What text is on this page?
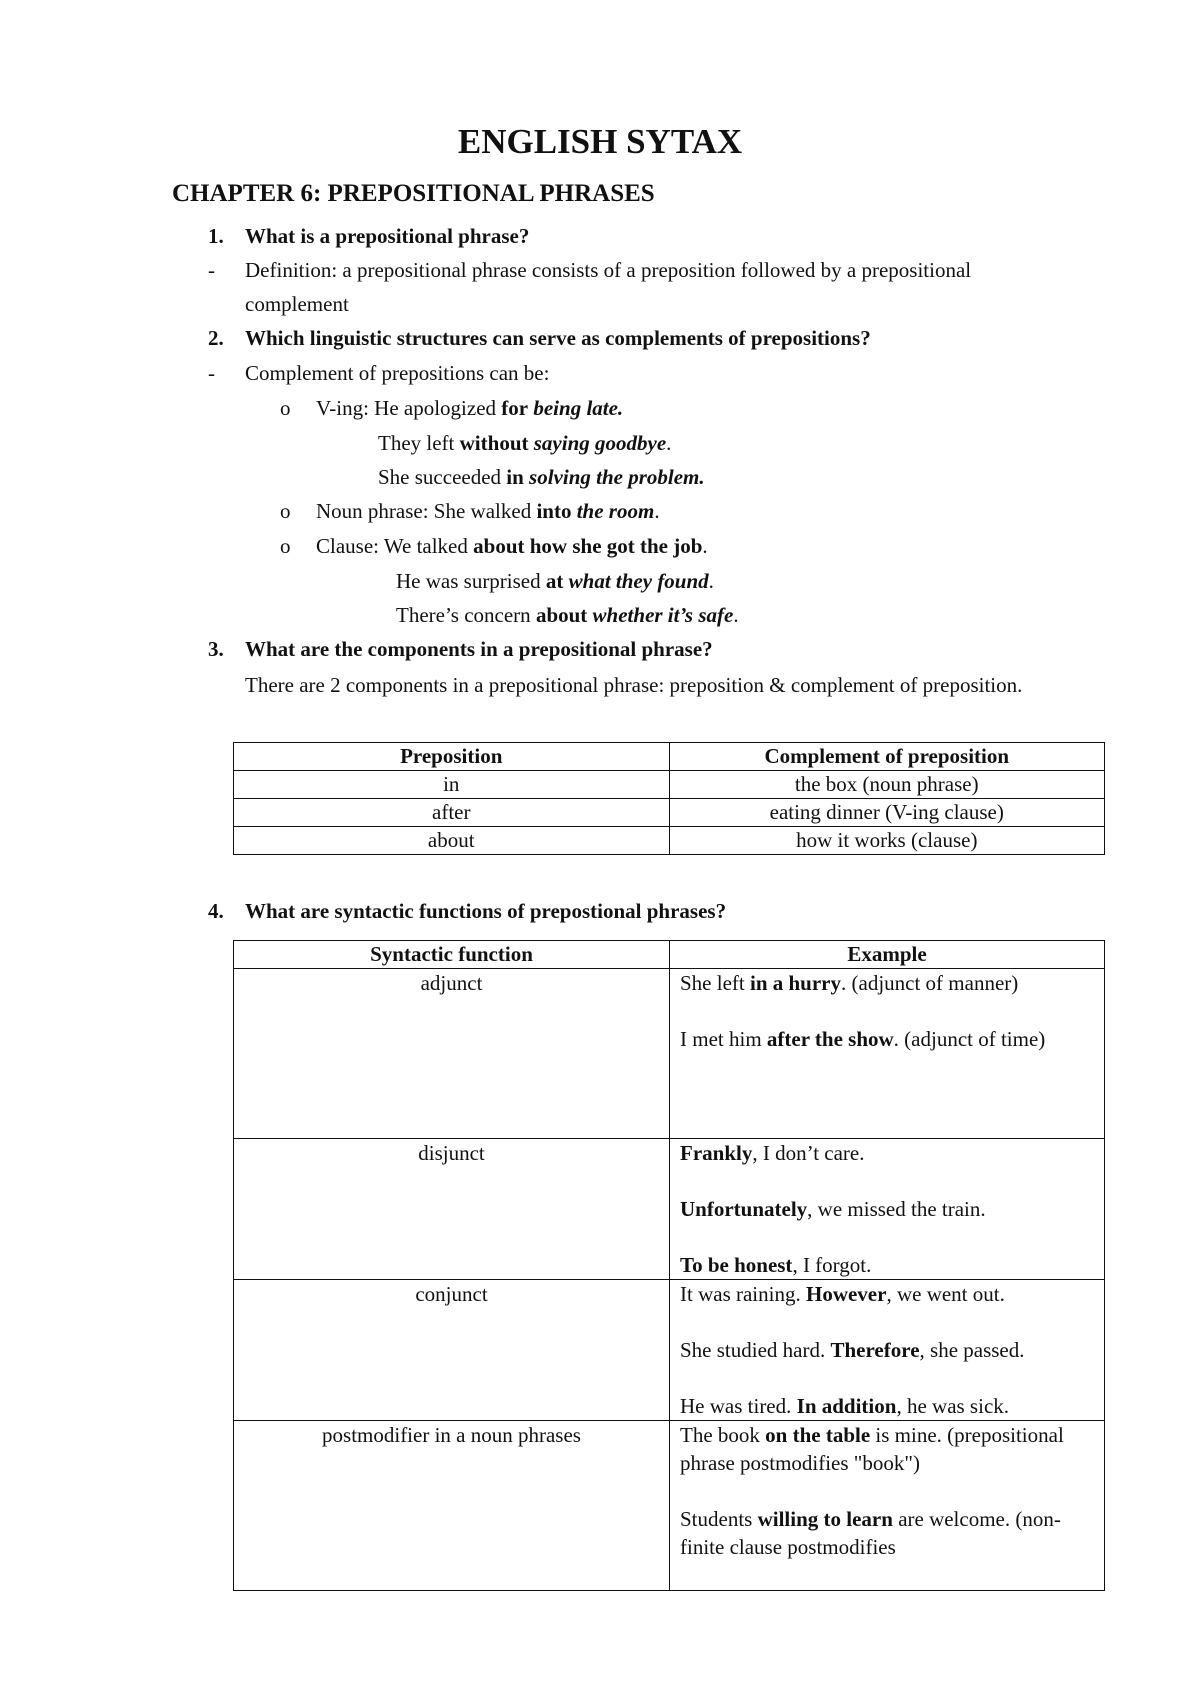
ENGLISH SYTAX
CHAPTER 6: PREPOSITIONAL PHRASES
1. What is a prepositional phrase?
- Definition: a prepositional phrase consists of a preposition followed by a prepositional
complement
2. Which linguistic structures can serve as complements of prepositions?
- Complement of prepositions can be:
o V-ing: He apologized for being late.
They left without saying goodbye.
She succeeded in solving the problem.
o Noun phrase: She walked into the room.
o Clause: We talked about how she got the job.
He was surprised at what they found.
There’s concern about whether it’s safe.
3. What are the components in a prepositional phrase?
There are 2 components in a prepositional phrase: preposition & complement of preposition.
Preposition	Complement of preposition
in	the box (noun phrase)
after	eating dinner (V-ing clause)
about	how it works (clause)
4. What are syntactic functions of prepostional phrases?
Syntactic function	Example
adjunct	She left in a hurry. (adjunct of manner)

I met him after the show. (adjunct of time)

disjunct	Frankly, I don’t care.

Unfortunately, we missed the train.

To be honest, I forgot.

conjunct	It was raining. However, we went out.

She studied hard. Therefore, she passed.

He was tired. In addition, he was sick.

postmodifier in a noun phrases	The book on the table is mine. (prepositional phrase postmodifies "book")

Students willing to learn are welcome. (non-finite clause postmodifies
